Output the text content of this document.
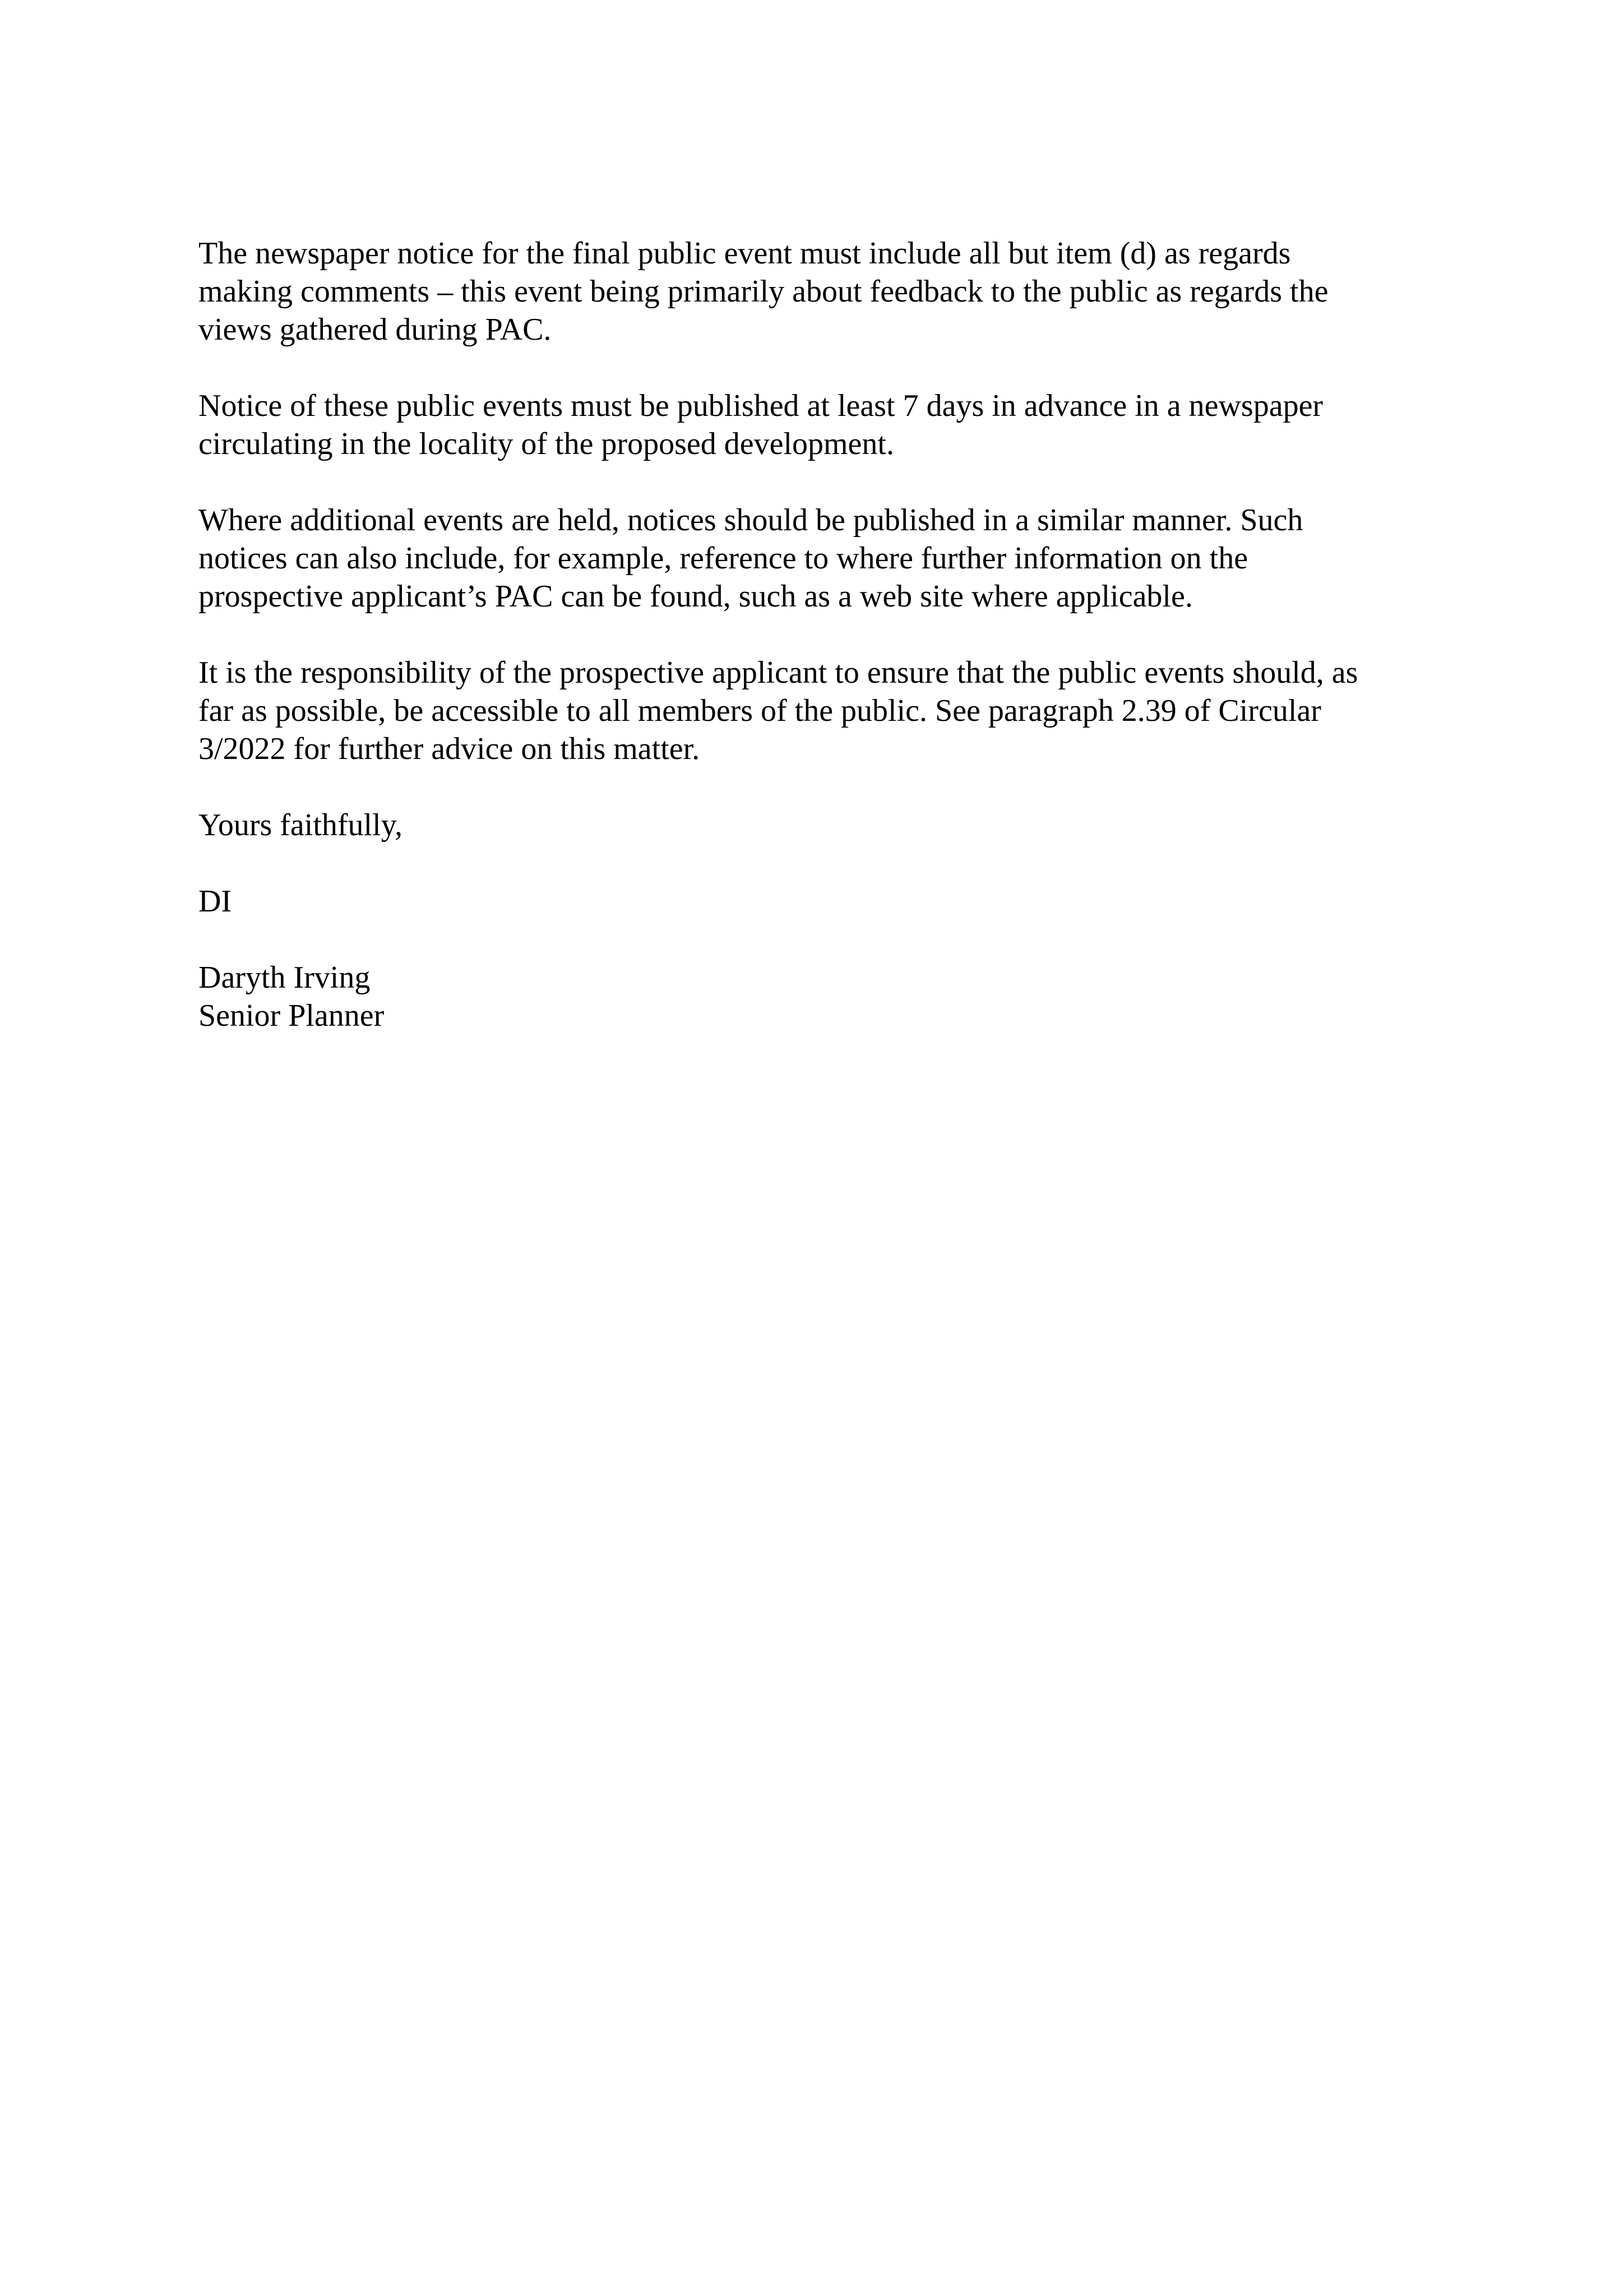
The newspaper notice for the final public event must include all but item (d) as regards
making comments – this event being primarily about feedback to the public as regards the
views gathered during PAC.

Notice of these public events must be published at least 7 days in advance in a newspaper
circulating in the locality of the proposed development.

Where additional events are held, notices should be published in a similar manner. Such
notices can also include, for example, reference to where further information on the
prospective applicant’s PAC can be found, such as a web site where applicable.

It is the responsibility of the prospective applicant to ensure that the public events should, as
far as possible, be accessible to all members of the public. See paragraph 2.39 of Circular
3/2022 for further advice on this matter.

Yours faithfully,

DI

Daryth Irving

Senior Planner
